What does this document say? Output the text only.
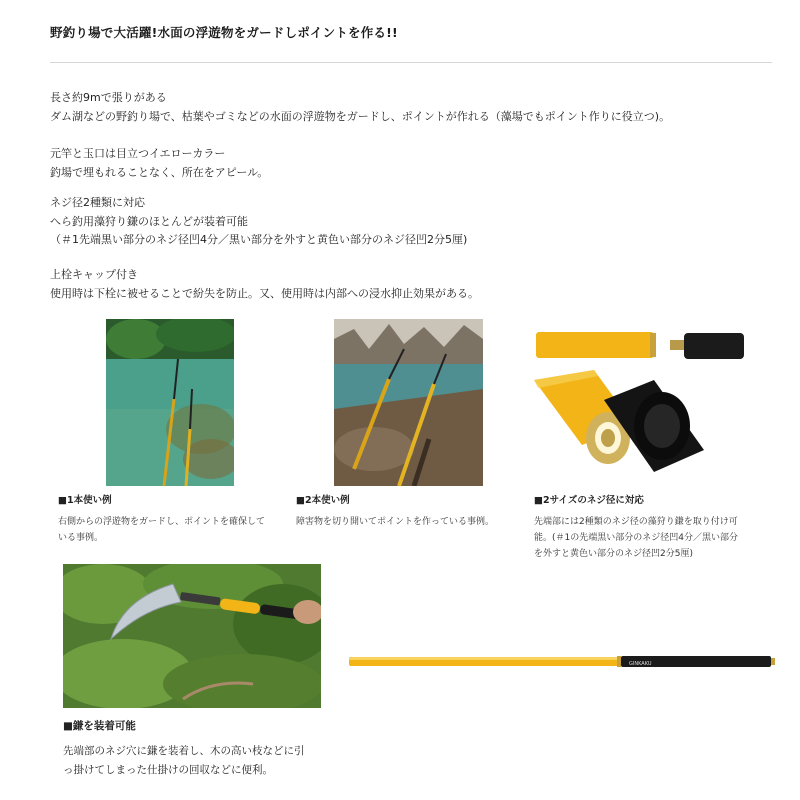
野釣り場で大活躍!水面の浮遊物をガードしポイントを作る!!
長さ約9mで張りがある
ダム湖などの野釣り場で、枯葉やゴミなどの水面の浮遊物をガードし、ポイントが作れる（藻場でもポイント作りに役立つ)。
元竿と玉口は目立つイエローカラー
釣場で埋もれることなく、所在をアピール。
ネジ径2種類に対応
へら釣用藻狩り鎌のほとんどが装着可能
（＃1先端黒い部分のネジ径凹4分／黒い部分を外すと黄色い部分のネジ径凹2分5厘)
上栓キャップ付き
使用時は下栓に被せることで紛失を防止。又、使用時は内部への浸水抑止効果がある。
■1本使い例
右側からの浮遊物をガードし、ポイントを確保して
いる事例。
■2本使い例
障害物を切り開いてポイントを作っている事例。
■2サイズのネジ径に対応
先端部には2種類のネジ径の藻狩り鎌を取り付け可
能。(＃1の先端黒い部分のネジ径凹4分／黒い部分
を外すと黄色い部分のネジ径凹2分5厘)
■鎌を装着可能
先端部のネジ穴に鎌を装着し、木の高い枝などに引
っ掛けてしまった仕掛けの回収などに便利。
GINKAKU
